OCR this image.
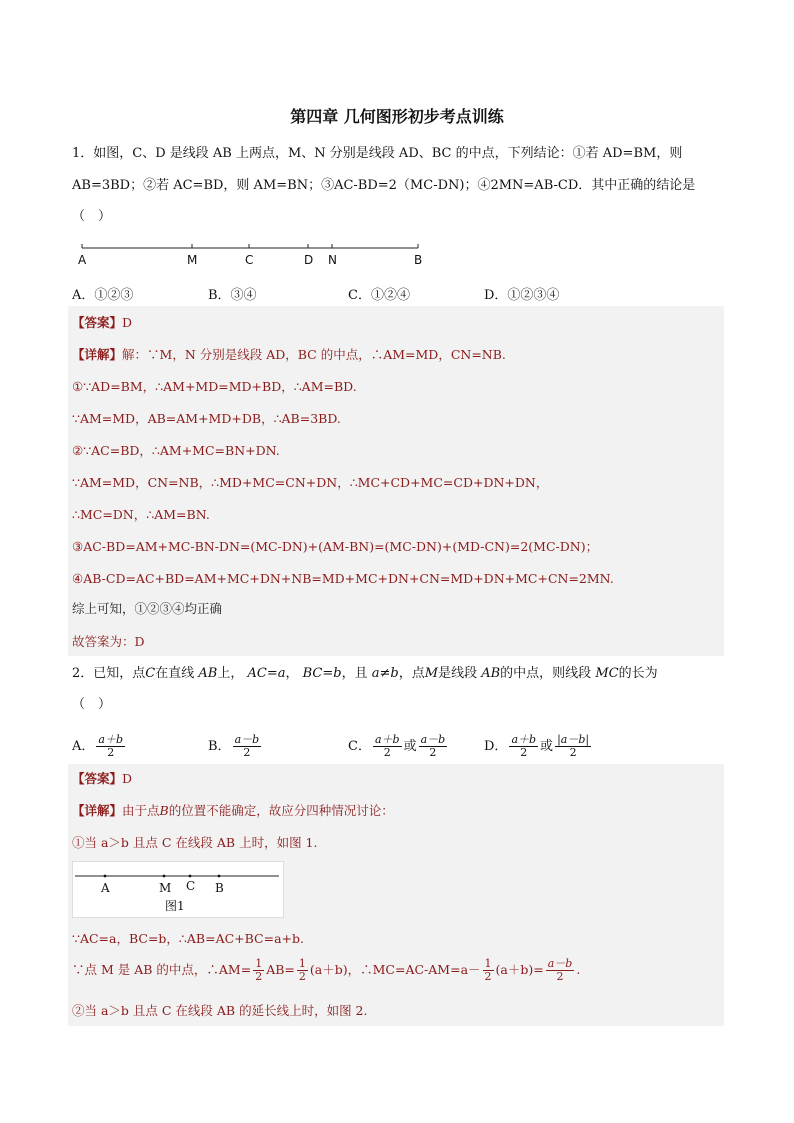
第四章 几何图形初步考点训练
1．如图，C、D 是线段 AB 上两点，M、N 分别是线段 AD、BC 的中点，下列结论：①若 AD=BM，则
AB=3BD；②若 AC=BD，则 AM=BN；③AC-BD=2（MC-DN)；④2MN=AB-CD．其中正确的结论是
（　）
A	M	C	D N	B
A．①②③	B．③④	C．①②④	D．①②③④
【答案】D
【详解】解：∵M，N 分别是线段 AD，BC 的中点，∴AM=MD，CN=NB.
①∵AD=BM，∴AM+MD=MD+BD，∴AM=BD.
∵AM=MD，AB=AM+MD+DB，∴AB=3BD.
②∵AC=BD，∴AM+MC=BN+DN.
∵AM=MD，CN=NB，∴MD+MC=CN+DN，∴MC+CD+MC=CD+DN+DN，
∴MC=DN，∴AM=BN.
③AC-BD=AM+MC-BN-DN=(MC-DN)+(AM-BN)=(MC-DN)+(MD-CN)=2(MC-DN)；
④AB-CD=AC+BD=AM+MC+DN+NB=MD+MC+DN+CN=MD+DN+MC+CN=2MN.
综上可知，①②③④均正确
故答案为：D
2．已知，点C在直线 AB上， AC=a， BC=b，且 a≠b，点M是线段 AB的中点，则线段 MC的长为
（　）
A． $\frac{a+b}{2}$	B． $\frac{a-b}{2}$	C． $\frac{a+b}{2}$ 或 $\frac{a-b}{2}$	D． $\frac{a+b}{2}$ 或 $\frac{|a-b|}{2}$
【答案】D
【详解】由于点B的位置不能确定，故应分四种情况讨论：
①当 a＞b 且点 C 在线段 AB 上时，如图 1.
∵AC=a，BC=b，∴AB=AC+BC=a+b.
∵点 M 是 AB 的中点，∴AM= $\frac{1}{2} AB= \frac{1}{2} (a+b)$，∴MC=AC-AM=a－ $\frac{1}{2} (a+b)= \frac{a-b}{2}$ .
②当 a＞b 且点 C 在线段 AB 的延长线上时，如图 2.
A	M C B
图1
